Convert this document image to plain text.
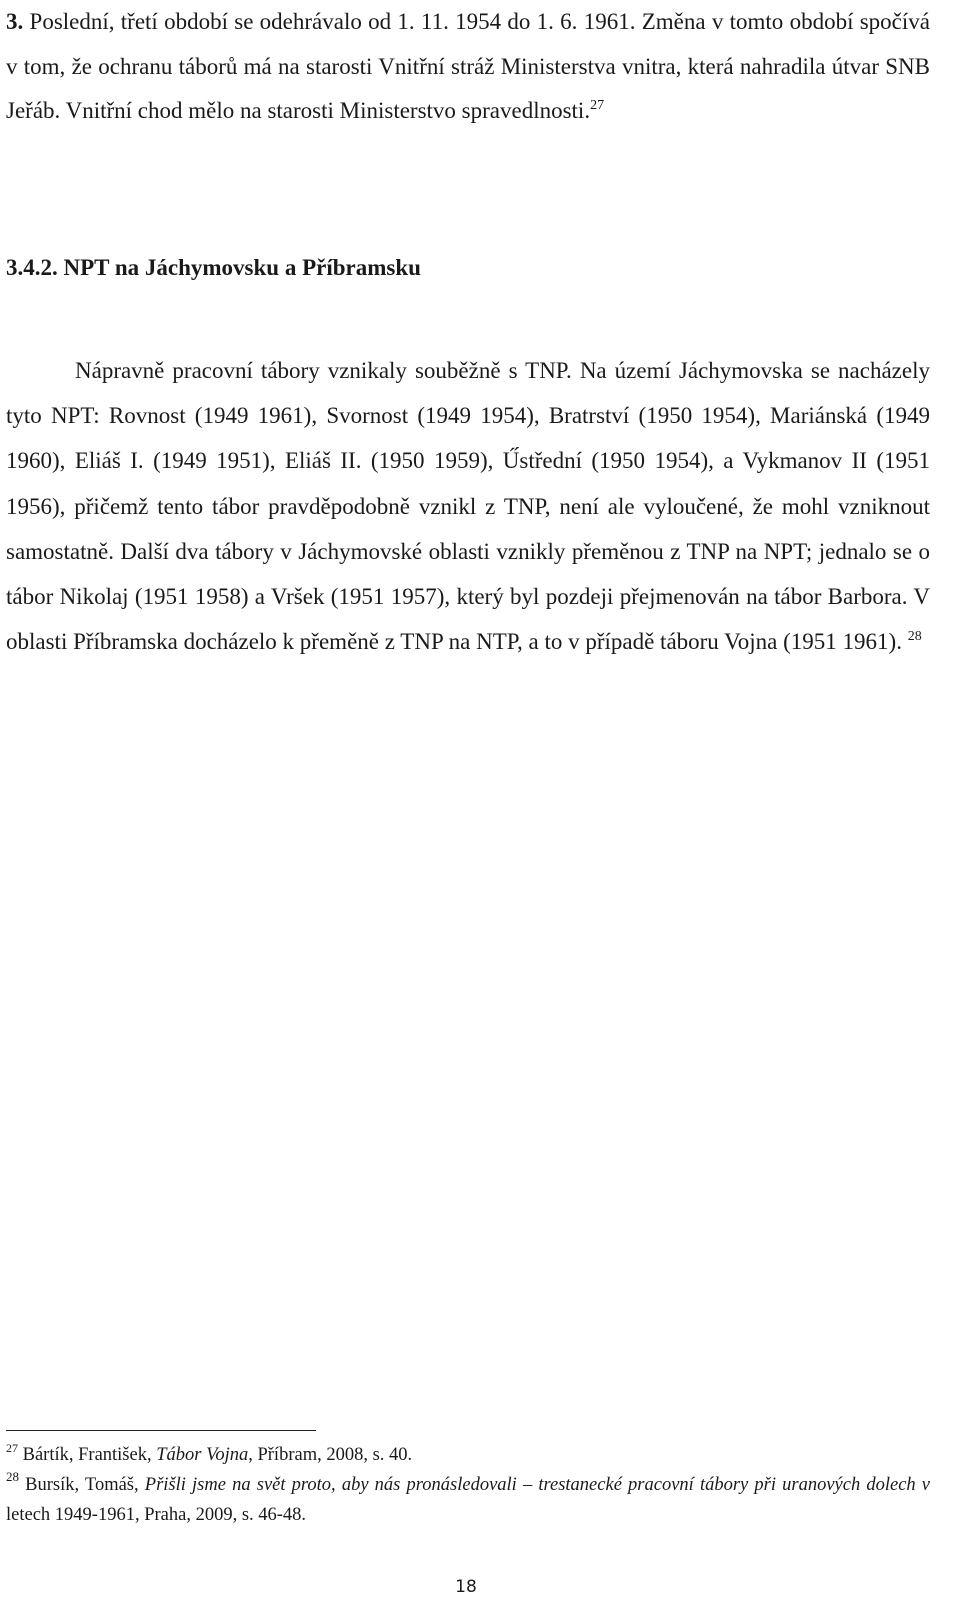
3. Poslední, třetí období se odehrávalo od 1. 11. 1954 do 1. 6. 1961. Změna v tomto období spočívá v tom, že ochranu táborů má na starosti Vnitřní stráž Ministerstva vnitra, která nahradila útvar SNB Jeřáb. Vnitřní chod mělo na starosti Ministerstvo spravedlnosti.$^{27}$
3.4.2. NPT na Jáchymovsku a Příbramsku
Nápravně pracovní tábory vznikaly souběžně s TNP. Na území Jáchymovska se nacházely tyto NPT: Rovnost (1949 1961), Svornost (1949 1954), Bratrství (1950 1954), Mariánská (1949 1960), Eliáš I. (1949 1951), Eliáš II. (1950 1959), Ú́střední (1950 1954), a Vykmanov II (1951 1956), přičemž tento tábor pravděpodobně vznikl z TNP, není ale vyloučené, že mohl vzniknout samostatně. Další dva tábory v Jáchymovské oblasti vznikly přeměnou z TNP na NPT; jednalo se o tábor Nikolaj (1951 1958) a Vršek (1951 1957), který byl pozdeji přejmenován na tábor Barbora. V oblasti Příbramska docházelo k přeměně z TNP na NTP, a to v případě táboru Vojna (1951 1961). $^{28}$
$^{27}$ Bártík, František, Tábor Vojna, Příbram, 2008, s. 40.
$^{28}$ Bursík, Tomáš, Přišli jsme na svět proto, aby nás pronásledovali – trestanecké pracovní tábory při uranových dolech v letech 1949-1961, Praha, 2009, s. 46-48.
18
